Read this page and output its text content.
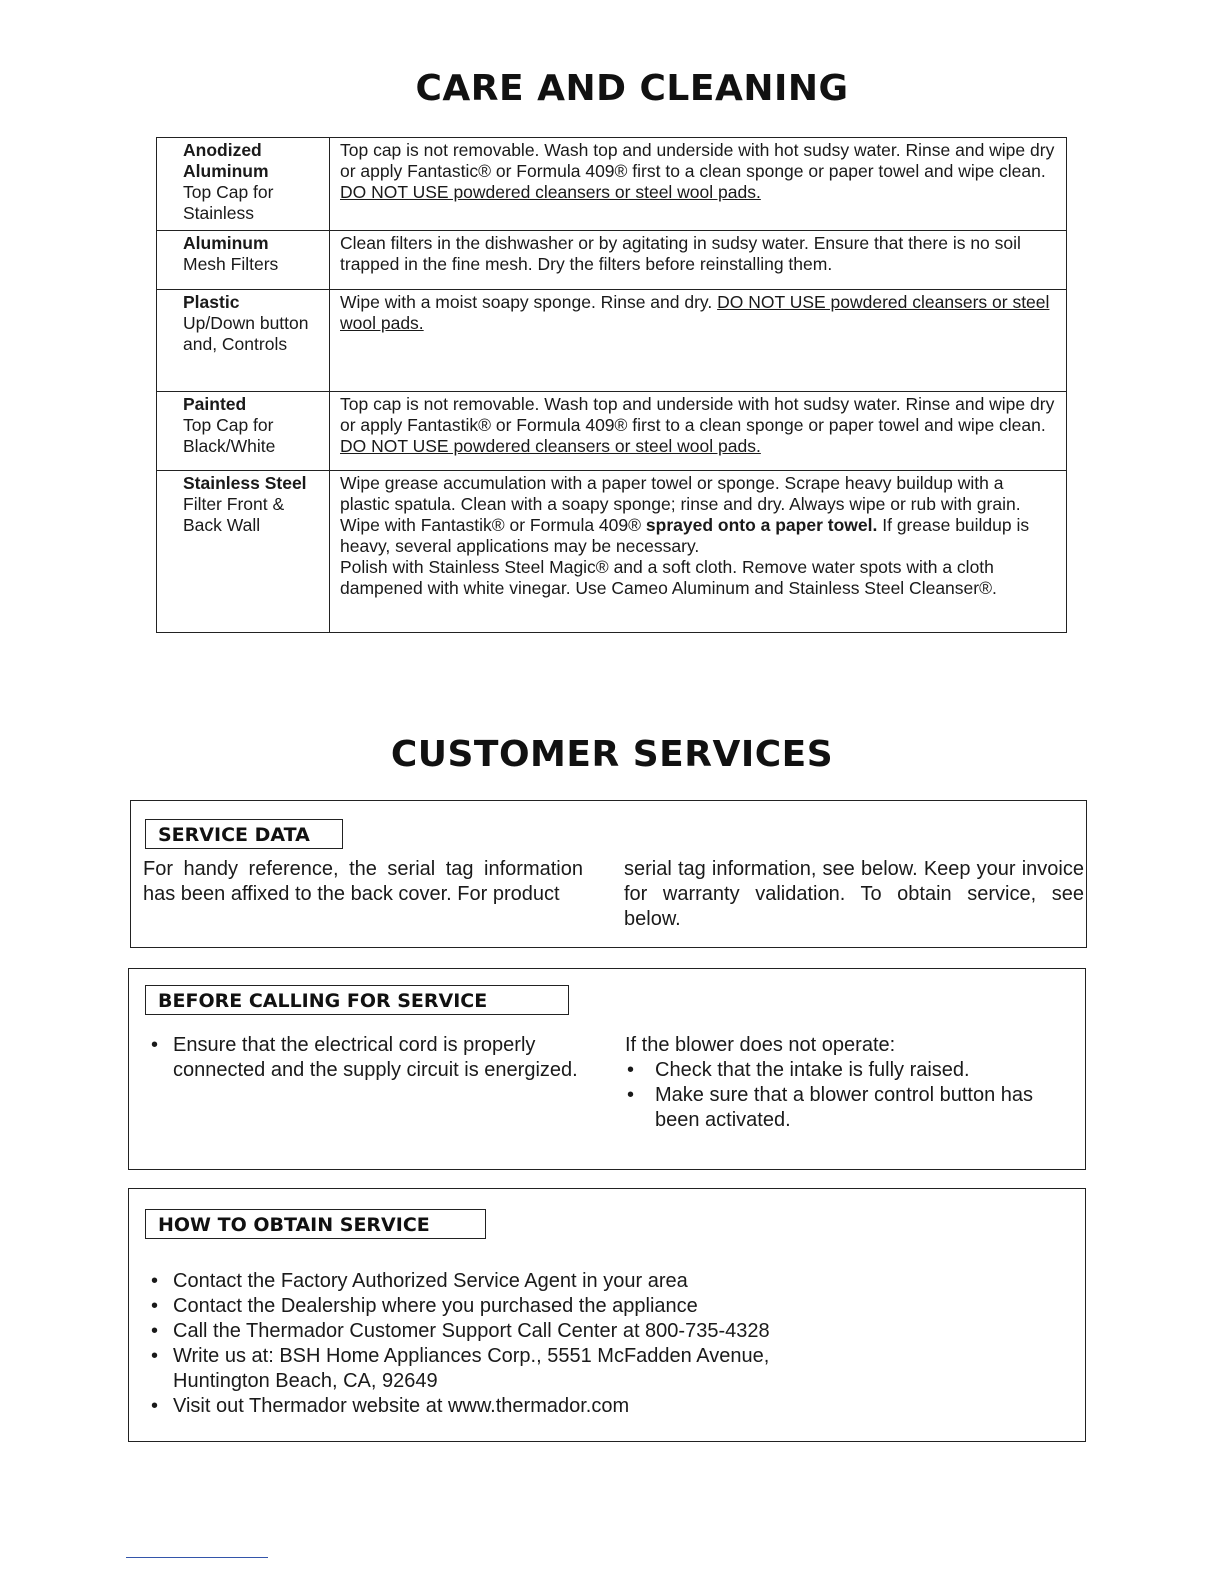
CARE AND CLEANING
Anodized Aluminum
Top Cap for Stainless	Top cap is not removable. Wash top and underside with hot sudsy water. Rinse and wipe dry or apply Fantastic® or Formula 409® first to a clean sponge or paper towel and wipe clean. DO NOT USE powdered cleansers or steel wool pads.

Aluminum
Mesh Filters	Clean filters in the dishwasher or by agitating in sudsy water. Ensure that there is no soil trapped in the fine mesh. Dry the filters before reinstalling them.

Plastic
Up/Down button and, Controls	Wipe with a moist soapy sponge. Rinse and dry. DO NOT USE powdered cleansers or steel wool pads.

Painted
Top Cap for Black/White	Top cap is not removable. Wash top and underside with hot sudsy water. Rinse and wipe dry or apply Fantastik® or Formula 409® first to a clean sponge or paper towel and wipe clean. DO NOT USE powdered cleansers or steel wool pads.

Stainless Steel
Filter Front & Back Wall	Wipe grease accumulation with a paper towel or sponge. Scrape heavy buildup with a plastic spatula. Clean with a soapy sponge; rinse and dry. Always wipe or rub with grain. Wipe with Fantastik® or Formula 409® sprayed onto a paper towel. If grease buildup is heavy, several applications may be necessary.
Polish with Stainless Steel Magic® and a soft cloth. Remove water spots with a cloth dampened with white vinegar. Use Cameo Aluminum and Stainless Steel Cleanser®.
CUSTOMER SERVICES
SERVICE DATA
For handy reference, the serial tag information has been affixed to the back cover. For product
serial tag information, see below. Keep your invoice for warranty validation. To obtain service, see below.
BEFORE CALLING FOR SERVICE
• Ensure that the electrical cord is properly connected and the supply circuit is energized.
If the blower does not operate:
• Check that the intake is fully raised.
• Make sure that a blower control button has been activated.
HOW TO OBTAIN SERVICE
• Contact the Factory Authorized Service Agent in your area
• Contact the Dealership where you purchased the appliance
• Call the Thermador Customer Support Call Center at 800-735-4328
• Write us at: BSH Home Appliances Corp., 5551 McFadden Avenue, Huntington Beach, CA, 92649
• Visit out Thermador website at www.thermador.com
